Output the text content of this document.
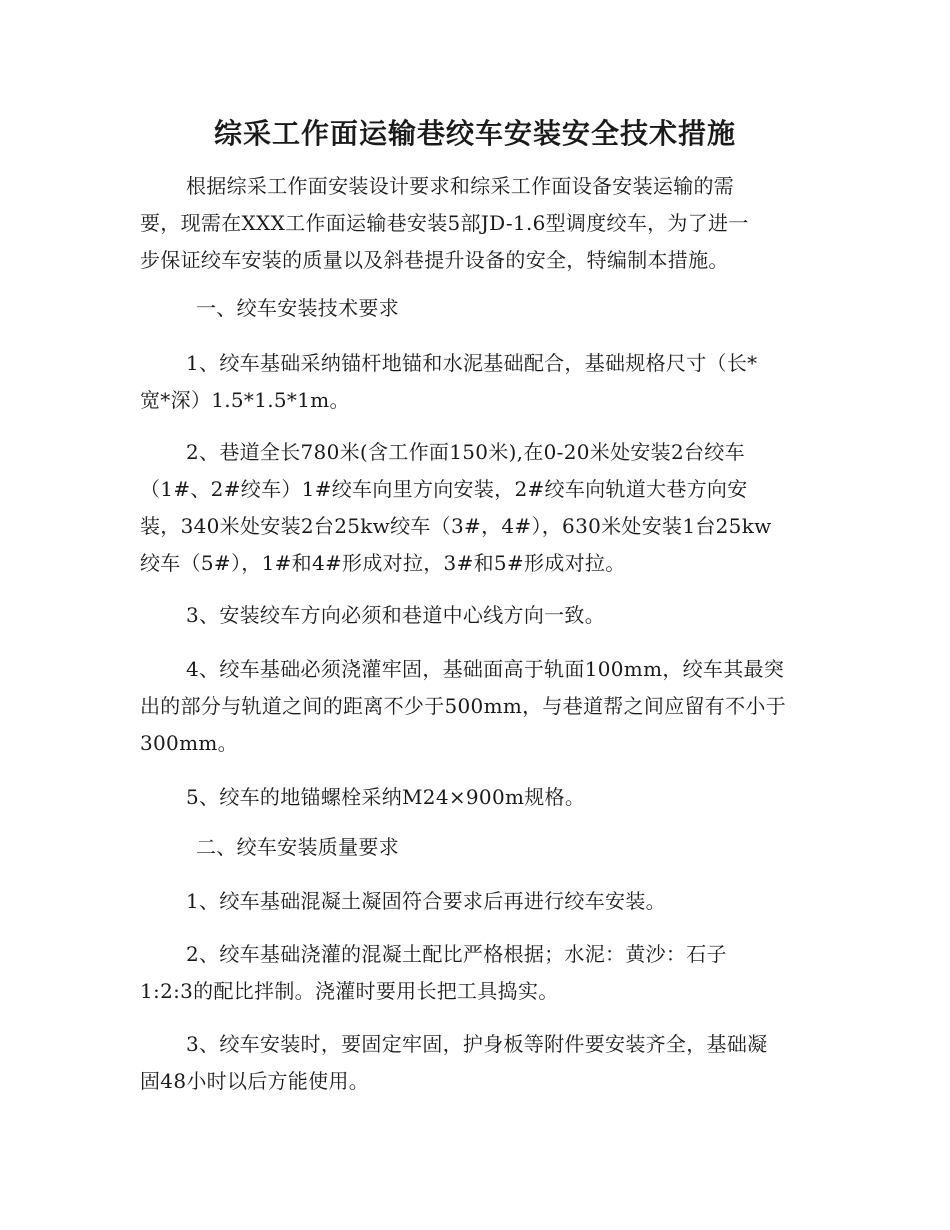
综采工作面运输巷绞车安装安全技术措施
根据综采工作面安装设计要求和综采工作面设备安装运输的需
要，现需在XXX工作面运输巷安装5部JD-1.6型调度绞车，为了进一
步保证绞车安装的质量以及斜巷提升设备的安全，特编制本措施。
一、绞车安装技术要求
1、绞车基础采纳锚杆地锚和水泥基础配合，基础规格尺寸（长*
宽*深）1.5*1.5*1m。
2、巷道全长780米(含工作面150米),在0-20米处安装2台绞车
（1#、2#绞车）1#绞车向里方向安装，2#绞车向轨道大巷方向安
装，340米处安装2台25kw绞车（3#，4#），630米处安装1台25kw
绞车（5#），1#和4#形成对拉，3#和5#形成对拉。
3、安装绞车方向必须和巷道中心线方向一致。
4、绞车基础必须浇灌牢固，基础面高于轨面100mm，绞车其最突
出的部分与轨道之间的距离不少于500mm，与巷道帮之间应留有不小于
300mm。
5、绞车的地锚螺栓采纳M24×900m规格。
二、绞车安装质量要求
1、绞车基础混凝土凝固符合要求后再进行绞车安装。
2、绞车基础浇灌的混凝土配比严格根据；水泥：黄沙：石子
1:2:3的配比拌制。浇灌时要用长把工具捣实。
3、绞车安装时，要固定牢固，护身板等附件要安装齐全，基础凝
固48小时以后方能使用。
